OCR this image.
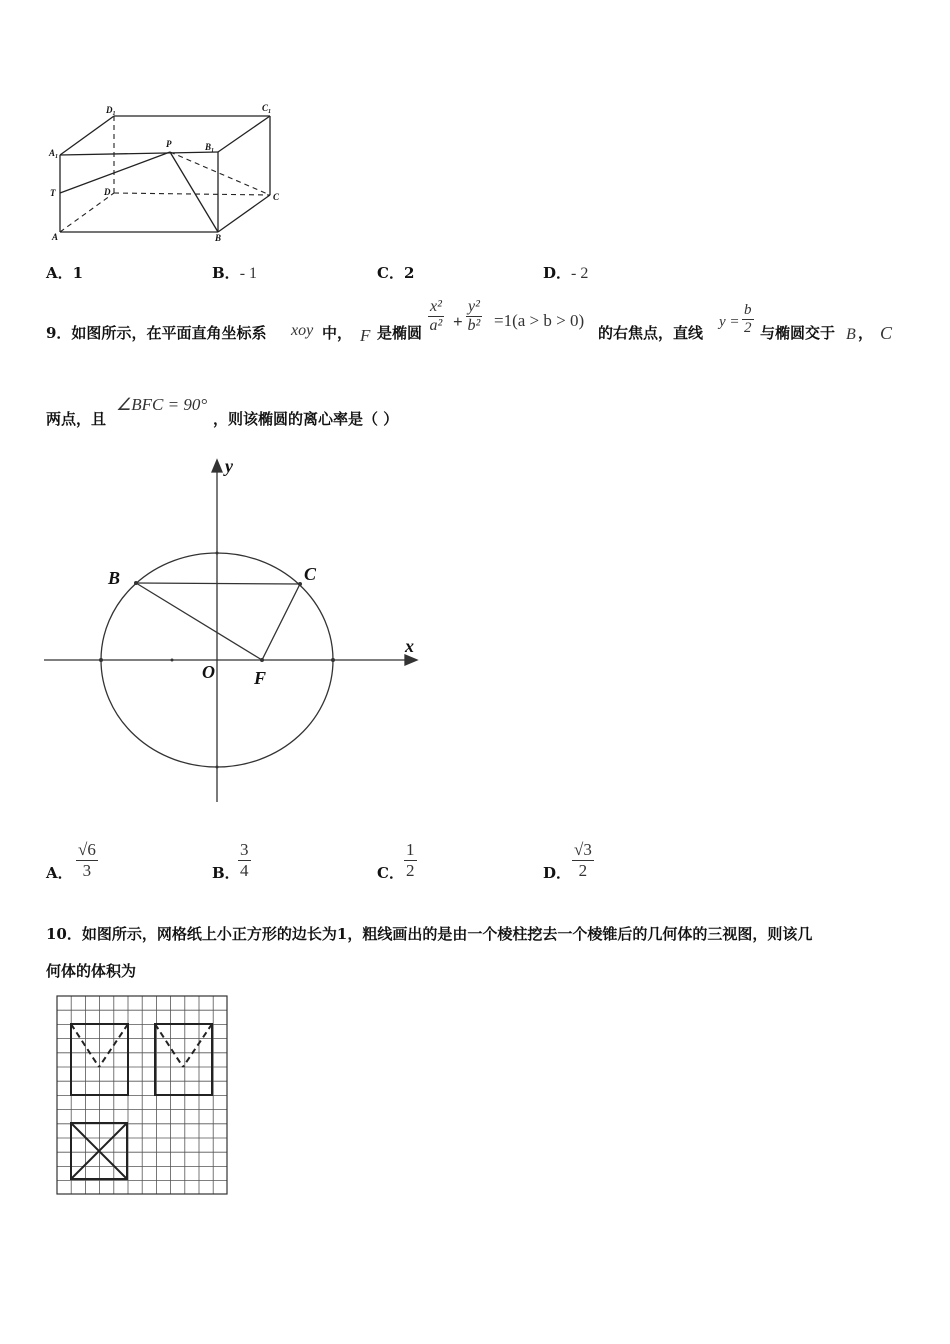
$D_1$
$C_1$
$A_1$
P	$B_1$
T	D	C
A	B
A．1	B．- 1	C．2	D．- 2
9．如图所示，在平面直角坐标系 xoy 中， F 是椭圆 $\frac{\text{x²}}{\text{a²}} + \frac{\text{y²}}{\text{b²}} =1(a > b > 0)$
的右焦点，直线
$y = \frac{b}{2}$ 与椭圆交于 B ， C
两点，且
∠BFC = 90°
，则该椭圆的离心率是（ ）
y
x
B	C
O F
A． $\frac{√6}{3}$	B．
$\frac{3}{4}$	C． $\frac{1}{2}$	D． $\frac{√3}{2}$
10．如图所示，网格纸上小正方形的边长为1，粗线画出的是由一个棱柱挖去一个棱锥后的几何体的三视图，则该几
何体的体积为
